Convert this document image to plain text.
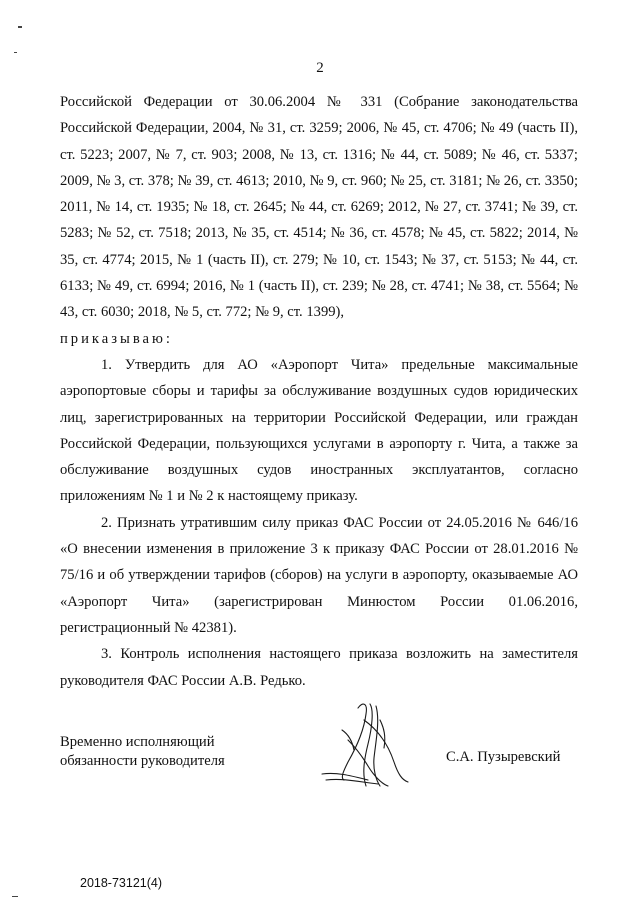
2

Российской Федерации от 30.06.2004 № 331 (Собрание законодательства Российской Федерации, 2004, № 31, ст. 3259; 2006, № 45, ст. 4706; № 49 (часть II), ст. 5223; 2007, № 7, ст. 903; 2008, № 13, ст. 1316; № 44, ст. 5089; № 46, ст. 5337; 2009, № 3, ст. 378; № 39, ст. 4613; 2010, № 9, ст. 960; № 25, ст. 3181; № 26, ст. 3350; 2011, № 14, ст. 1935; № 18, ст. 2645; № 44, ст. 6269; 2012, № 27, ст. 3741; № 39, ст. 5283; № 52, ст. 7518; 2013, № 35, ст. 4514; № 36, ст. 4578; № 45, ст. 5822; 2014, № 35, ст. 4774; 2015, № 1 (часть II), ст. 279; № 10, ст. 1543; № 37, ст. 5153; № 44, ст. 6133; № 49, ст. 6994; 2016, № 1 (часть II), ст. 239; № 28, ст. 4741; № 38, ст. 5564; № 43, ст. 6030; 2018, № 5, ст. 772; № 9, ст. 1399),

приказываю:

1. Утвердить для АО «Аэропорт Чита» предельные максимальные аэропортовые сборы и тарифы за обслуживание воздушных судов юридических лиц, зарегистрированных на территории Российской Федерации, или граждан Российской Федерации, пользующихся услугами в аэропорту г. Чита, а также за обслуживание воздушных судов иностранных эксплуатантов, согласно приложениям № 1 и № 2 к настоящему приказу.

2. Признать утратившим силу приказ ФАС России от 24.05.2016 № 646/16 «О внесении изменения в приложение 3 к приказу ФАС России от 28.01.2016 № 75/16 и об утверждении тарифов (сборов) на услуги в аэропорту, оказываемые АО «Аэропорт Чита» (зарегистрирован Минюстом России 01.06.2016, регистрационный № 42381).

3. Контроль исполнения настоящего приказа возложить на заместителя руководителя ФАС России А.В. Редько.

Временно исполняющий
обязанности руководителя	С.А. Пузыревский
2018-73121(4)
